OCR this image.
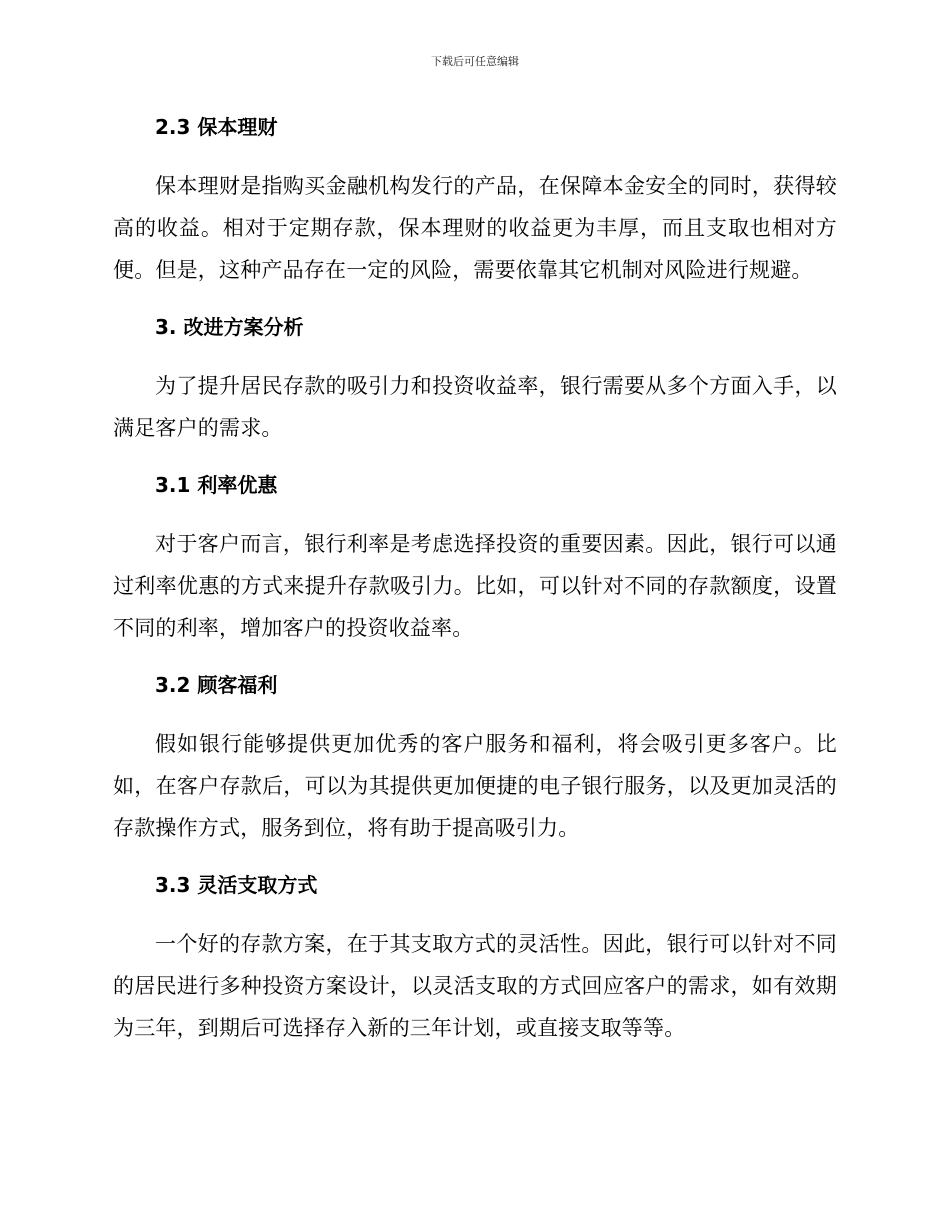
下载后可任意编辑
2.3 保本理财

保本理财是指购买金融机构发行的产品，在保障本金安全的同时，获得较高的收益。相对于定期存款，保本理财的收益更为丰厚，而且支取也相对方便。但是，这种产品存在一定的风险，需要依靠其它机制对风险进行规避。

3. 改进方案分析

为了提升居民存款的吸引力和投资收益率，银行需要从多个方面入手，以满足客户的需求。

3.1 利率优惠

对于客户而言，银行利率是考虑选择投资的重要因素。因此，银行可以通过利率优惠的方式来提升存款吸引力。比如，可以针对不同的存款额度，设置不同的利率，增加客户的投资收益率。

3.2 顾客福利

假如银行能够提供更加优秀的客户服务和福利，将会吸引更多客户。比如，在客户存款后，可以为其提供更加便捷的电子银行服务，以及更加灵活的存款操作方式，服务到位，将有助于提高吸引力。

3.3 灵活支取方式

一个好的存款方案，在于其支取方式的灵活性。因此，银行可以针对不同的居民进行多种投资方案设计，以灵活支取的方式回应客户的需求，如有效期为三年，到期后可选择存入新的三年计划，或直接支取等等。
